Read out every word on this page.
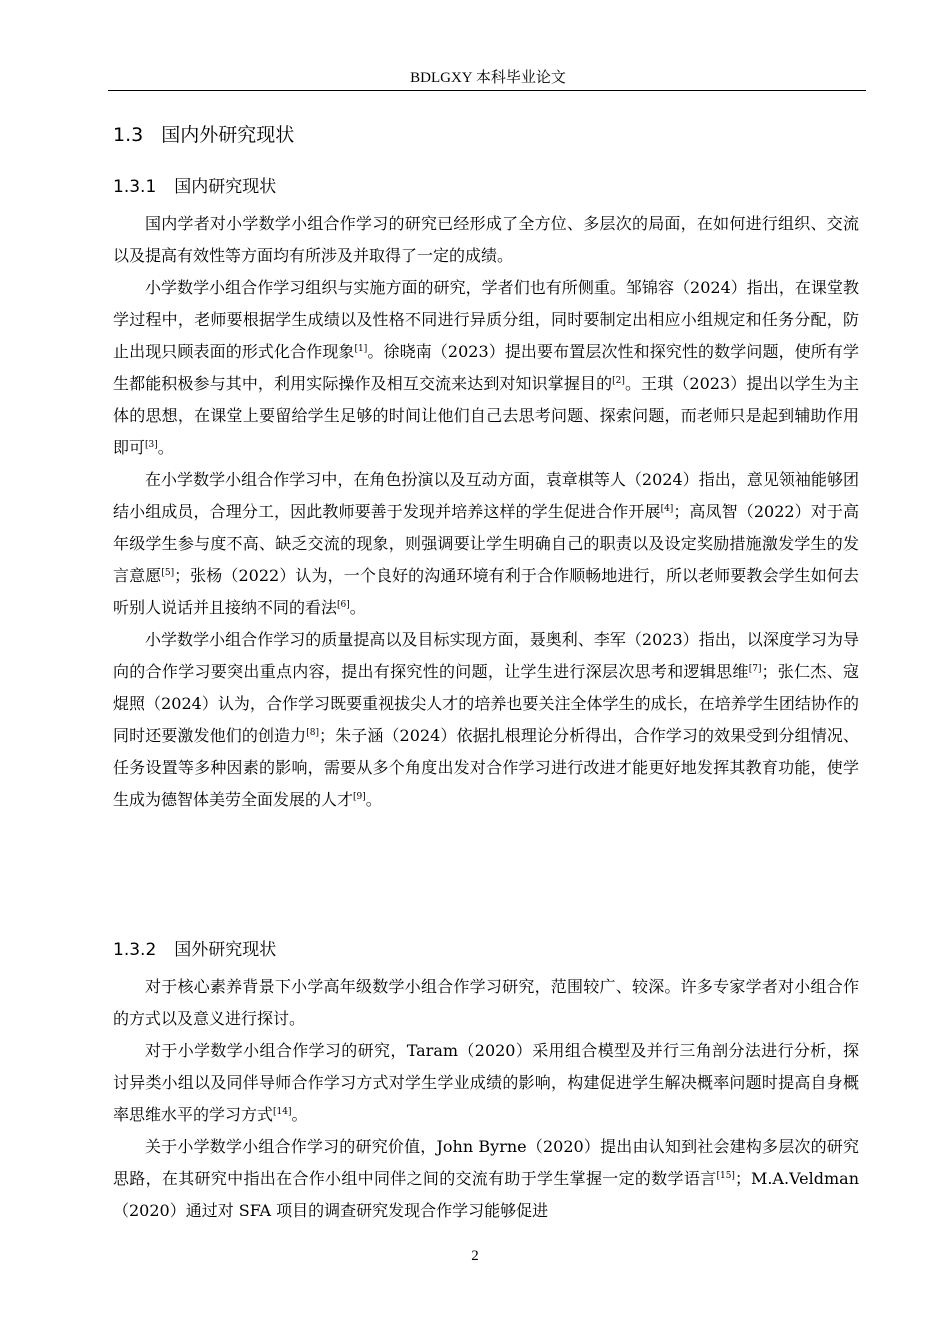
BDLGXY 本科毕业论文
1.3 国内外研究现状
1.3.1 国内研究现状

国内学者对小学数学小组合作学习的研究已经形成了全方位、多层次的局面，在如何进行组织、交流以及提高有效性等方面均有所涉及并取得了一定的成绩。

小学数学小组合作学习组织与实施方面的研究，学者们也有所侧重。邹锦容（2024）指出，在课堂教学过程中，老师要根据学生成绩以及性格不同进行异质分组，同时要制定出相应小组规定和任务分配，防止出现只顾表面的形式化合作现象[1]。徐晓南（2023）提出要布置层次性和探究性的数学问题，使所有学生都能积极参与其中，利用实际操作及相互交流来达到对知识掌握目的[2]。王琪（2023）提出以学生为主体的思想，在课堂上要留给学生足够的时间让他们自己去思考问题、探索问题，而老师只是起到辅助作用即可[3]。

在小学数学小组合作学习中，在角色扮演以及互动方面，袁章棋等人（2024）指出，意见领袖能够团结小组成员，合理分工，因此教师要善于发现并培养这样的学生促进合作开展[4]；高凤智（2022）对于高年级学生参与度不高、缺乏交流的现象，则强调要让学生明确自己的职责以及设定奖励措施激发学生的发言意愿[5]；张杨（2022）认为，一个良好的沟通环境有利于合作顺畅地进行，所以老师要教会学生如何去听别人说话并且接纳不同的看法[6]。

小学数学小组合作学习的质量提高以及目标实现方面，聂奥利、李军（2023）指出，以深度学习为导向的合作学习要突出重点内容，提出有探究性的问题，让学生进行深层次思考和逻辑思维[7]；张仁杰、寇焜照（2024）认为，合作学习既要重视拔尖人才的培养也要关注全体学生的成长，在培养学生团结协作的同时还要激发他们的创造力[8]；朱子涵（2024）依据扎根理论分析得出，合作学习的效果受到分组情况、任务设置等多种因素的影响，需要从多个角度出发对合作学习进行改进才能更好地发挥其教育功能，使学生成为德智体美劳全面发展的人才[9]。

1.3.2 国外研究现状

对于核心素养背景下小学高年级数学小组合作学习研究，范围较广、较深。许多专家学者对小组合作的方式以及意义进行探讨。

对于小学数学小组合作学习的研究，Taram（2020）采用组合模型及并行三角剖分法进行分析，探讨异类小组以及同伴导师合作学习方式对学生学业成绩的影响，构建促进学生解决概率问题时提高自身概率思维水平的学习方式[14]。

关于小学数学小组合作学习的研究价值，John Byrne（2020）提出由认知到社会建构多层次的研究思路，在其研究中指出在合作小组中同伴之间的交流有助于学生掌握一定的数学语言[15]；M.A.Veldman（2020）通过对 SFA 项目的调查研究发现合作学习能够促进

2
